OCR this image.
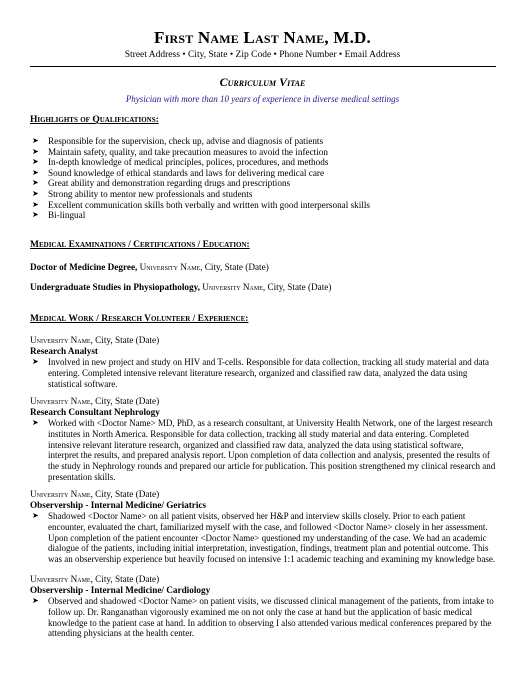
First Name Last Name, M.D.
Street Address • City, State • Zip Code • Phone Number • Email Address
Curriculum Vitae
Physician with more than 10 years of experience in diverse medical settings
Highlights of Qualifications:
➤ Responsible for the supervision, check up, advise and diagnosis of patients
➤ Maintain safety, quality, and take precaution measures to avoid the infection
➤ In-depth knowledge of medical principles, polices, procedures, and methods
➤ Sound knowledge of ethical standards and laws for delivering medical care
➤ Great ability and demonstration regarding drugs and prescriptions
➤ Strong ability to mentor new professionals and students
➤ Excellent communication skills both verbally and written with good interpersonal skills
➤ Bi-lingual
Medical Examinations / Certifications / Education:
Doctor of Medicine Degree, University Name, City, State (Date)
Undergraduate Studies in Physiopathology, University Name, City, State (Date)
Medical Work / Research Volunteer / Experience:
University Name, City, State (Date)
Research Analyst
➤ Involved in new project and study on HIV and T-cells. Responsible for data collection, tracking all study material and data
entering. Completed intensive relevant literature research, organized and classified raw data, analyzed the data using
statistical software.
University Name, City, State (Date)
Research Consultant Nephrology
➤ Worked with <Doctor Name> MD, PhD, as a research consultant, at University Health Network, one of the largest research
institutes in North America. Responsible for data collection, tracking all study material and data entering. Completed
intensive relevant literature research, organized and classified raw data, analyzed the data using statistical software,
interpret the results, and prepared analysis report. Upon completion of data collection and analysis, presented the results of
the study in Nephrology rounds and prepared our article for publication. This position strengthened my clinical research and
presentation skills.
University Name, City, State (Date)
Observership - Internal Medicine/ Geriatrics
➤ Shadowed <Doctor Name> on all patient visits, observed her H&P and interview skills closely. Prior to each patient
encounter, evaluated the chart, familiarized myself with the case, and followed <Doctor Name> closely in her assessment.
Upon completion of the patient encounter <Doctor Name> questioned my understanding of the case. We had an academic
dialogue of the patients, including initial interpretation, investigation, findings, treatment plan and potential outcome. This
was an observership experience but heavily focused on intensive 1:1 academic teaching and examining my knowledge base.
University Name, City, State (Date)
Observership - Internal Medicine/ Cardiology
➤ Observed and shadowed <Doctor Name> on patient visits, we discussed clinical management of the patients, from intake to
follow up. Dr. Ranganathan vigorously examined me on not only the case at hand but the application of basic medical
knowledge to the patient case at hand. In addition to observing I also attended various medical conferences prepared by the
attending physicians at the health center.
